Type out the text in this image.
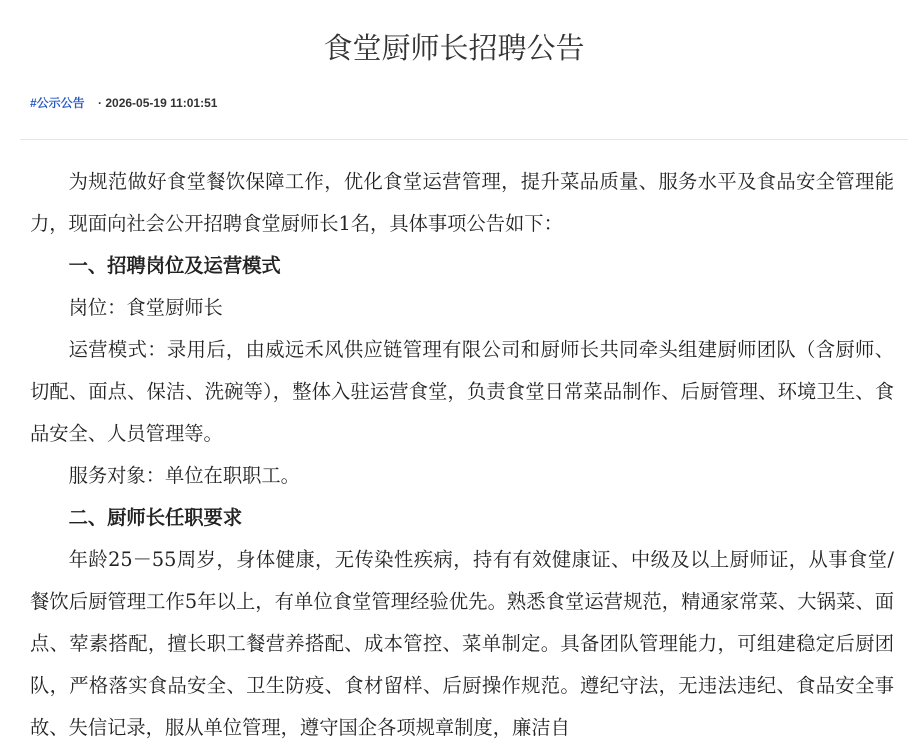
食堂厨师长招聘公告
#公示公告 · 2026-05-19 11:01:51

为规范做好食堂餐饮保障工作，优化食堂运营管理，提升菜品质量、服务水平及食品安全管理能力，现面向社会公开招聘食堂厨师长1名，具体事项公告如下：

一、招聘岗位及运营模式

岗位：食堂厨师长

运营模式：录用后，由威远禾风供应链管理有限公司和厨师长共同牵头组建厨师团队（含厨师、切配、面点、保洁、洗碗等），整体入驻运营食堂，负责食堂日常菜品制作、后厨管理、环境卫生、食品安全、人员管理等。

服务对象：单位在职职工。

二、厨师长任职要求

年龄25－55周岁，身体健康，无传染性疾病，持有有效健康证、中级及以上厨师证，从事食堂/餐饮后厨管理工作5年以上，有单位食堂管理经验优先。熟悉食堂运营规范，精通家常菜、大锅菜、面点、荤素搭配，擅长职工餐营养搭配、成本管控、菜单制定。具备团队管理能力，可组建稳定后厨团队，严格落实食品安全、卫生防疫、食材留样、后厨操作规范。遵纪守法，无违法违纪、食品安全事故、失信记录，服从单位管理，遵守国企各项规章制度，廉洁自
